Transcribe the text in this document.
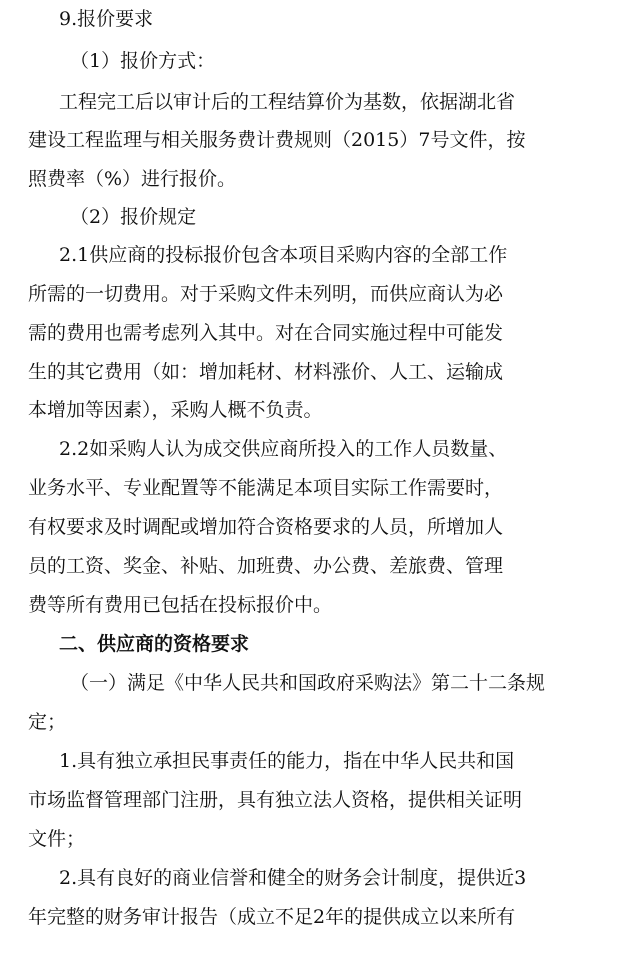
9.报价要求
（1）报价方式：
工程完工后以审计后的工程结算价为基数，依据湖北省
建设工程监理与相关服务费计费规则（2015）7号文件，按
照费率（%）进行报价。
（2）报价规定
2.1供应商的投标报价包含本项目采购内容的全部工作
所需的一切费用。对于采购文件未列明，而供应商认为必
需的费用也需考虑列入其中。对在合同实施过程中可能发
生的其它费用（如：增加耗材、材料涨价、人工、运输成
本增加等因素），采购人概不负责。
2.2如采购人认为成交供应商所投入的工作人员数量、
业务水平、专业配置等不能满足本项目实际工作需要时，
有权要求及时调配或增加符合资格要求的人员，所增加人
员的工资、奖金、补贴、加班费、办公费、差旅费、管理
费等所有费用已包括在投标报价中。
二、供应商的资格要求
（一）满足《中华人民共和国政府采购法》第二十二条规
定；
1.具有独立承担民事责任的能力，指在中华人民共和国
市场监督管理部门注册，具有独立法人资格，提供相关证明
文件；
2.具有良好的商业信誉和健全的财务会计制度，提供近3
年完整的财务审计报告（成立不足2年的提供成立以来所有
